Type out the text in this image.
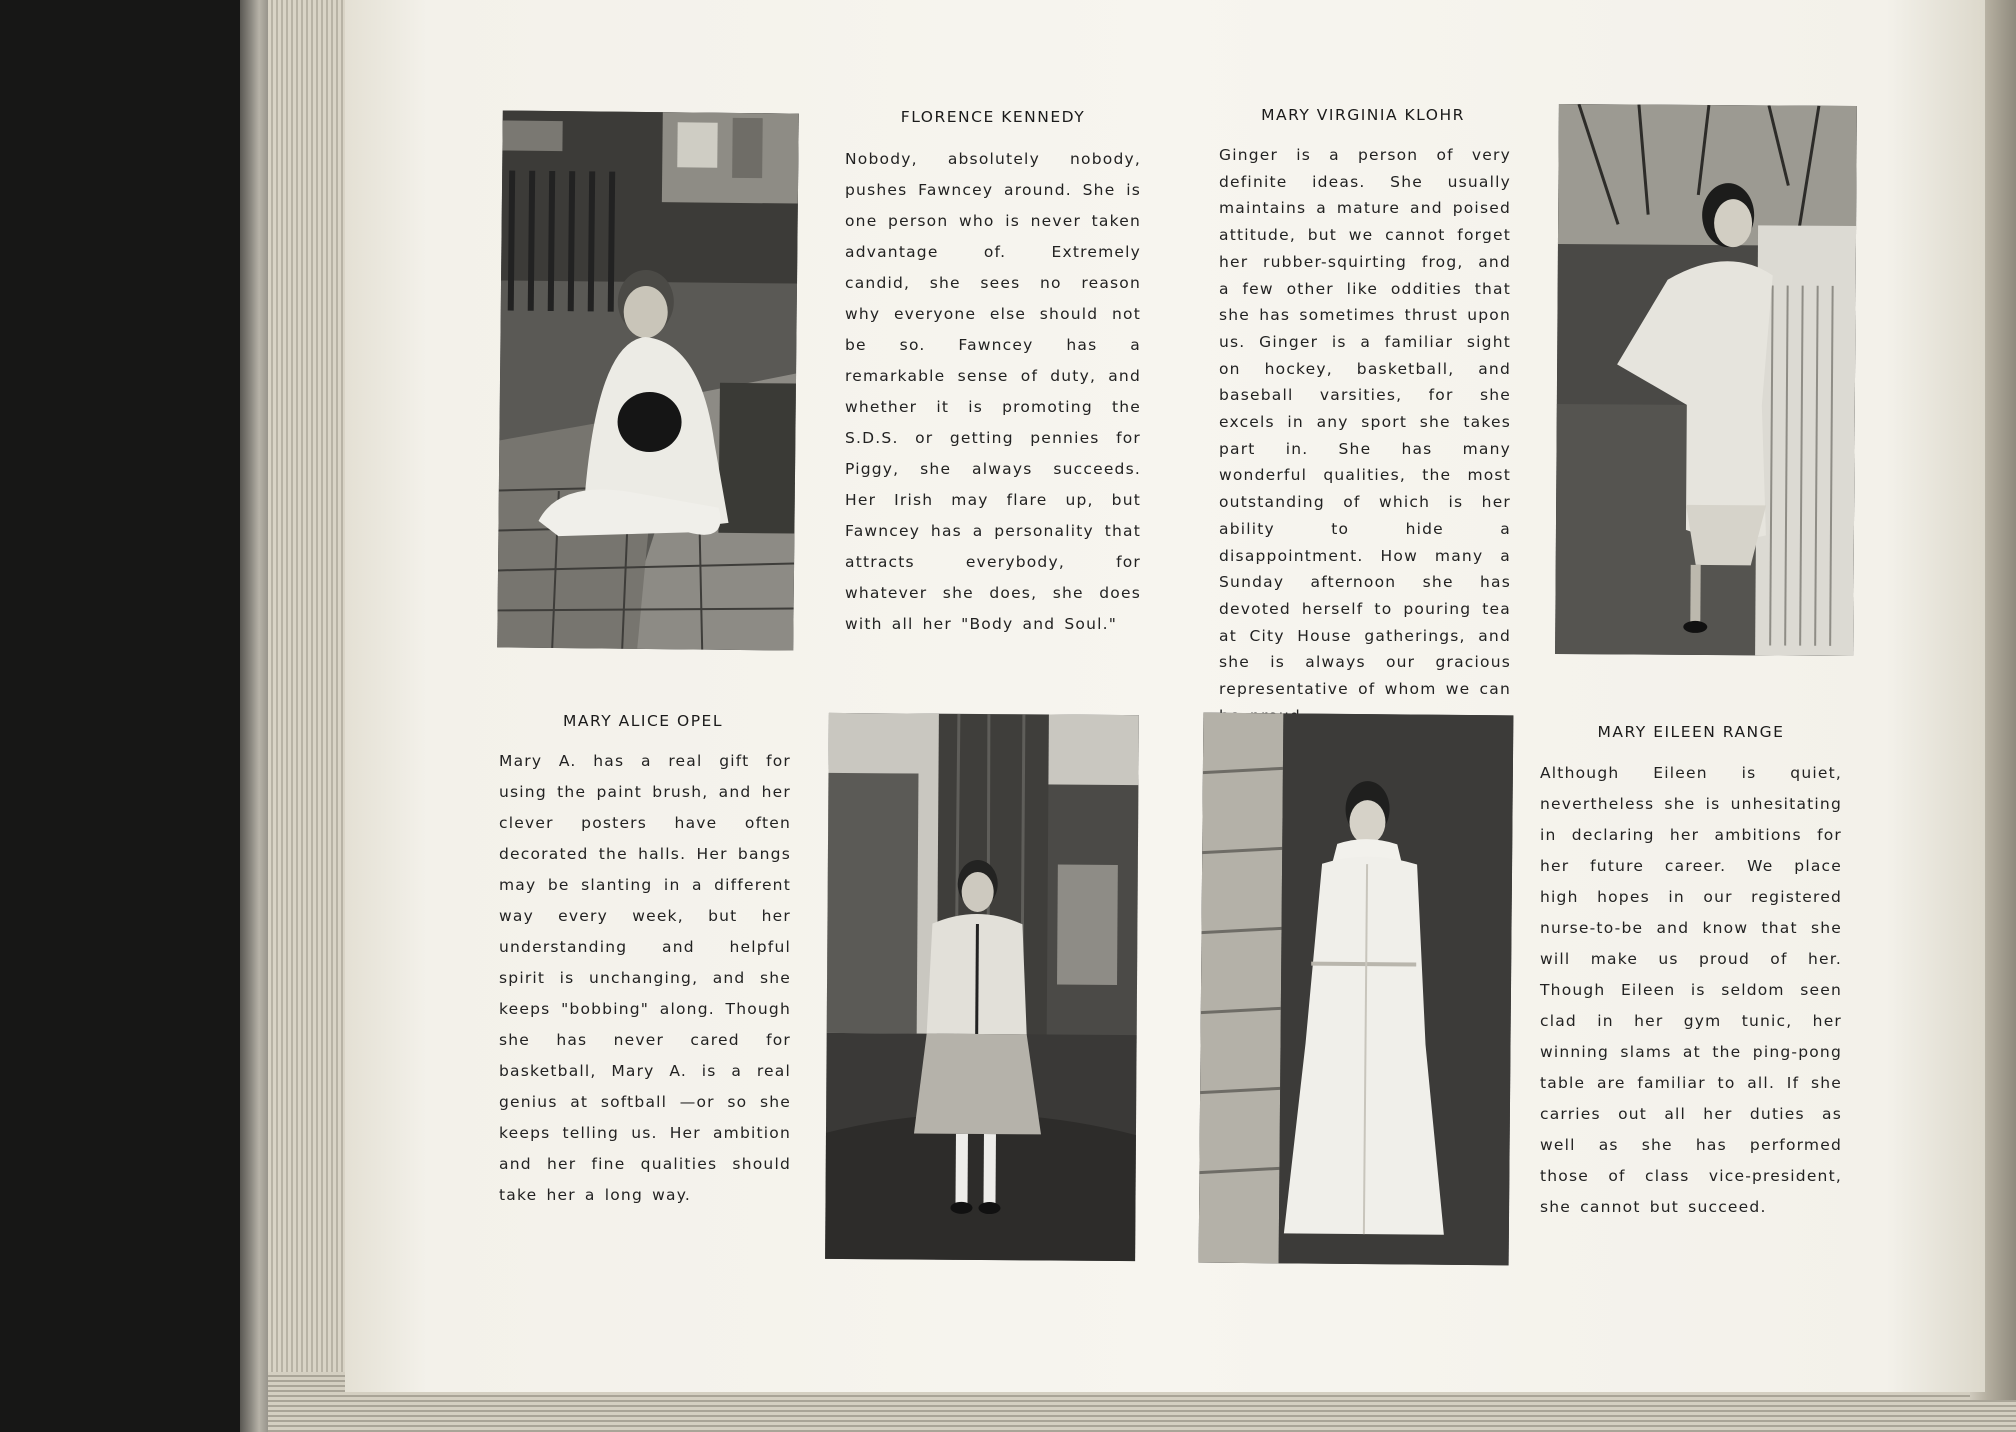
FLORENCE KENNEDY
Nobody, absolutely nobody, pushes Fawncey around. She is one person who is never taken advantage of. Extremely candid, she sees no reason why everyone else should not be so. Fawncey has a remarkable sense of duty, and whether it is promoting the S.D.S. or getting pennies for Piggy, she always succeeds. Her Irish may flare up, but Fawncey has a personality that attracts everybody, for whatever she does, she does with all her "Body and Soul."
MARY VIRGINIA KLOHR
Ginger is a person of very definite ideas. She usually maintains a mature and poised attitude, but we cannot forget her rubber-squirting frog, and a few other like oddities that she has sometimes thrust upon us. Ginger is a familiar sight on hockey, basketball, and baseball varsities, for she excels in any sport she takes part in. She has many wonderful qualities, the most outstanding of which is her ability to hide a disappointment. How many a Sunday afternoon she has devoted herself to pouring tea at City House gatherings, and she is always our gracious representative of whom we can
MARY ALICE OPEL
Mary A. has a real gift for using the paint brush, and her clever posters have often decorated the halls. Her bangs may be slanting in a different way every week, but her understanding and helpful spirit is unchanging, and she keeps "bobbing" along. Though she has never cared for basketball, Mary A. is a real genius at softball —or so she keeps telling us. Her ambition and her fine qualities should take her a long way.
MARY EILEEN RANGE
Although Eileen is quiet, nevertheless she is unhesitating in declaring her ambitions for her future career. We place high hopes in our registered nurse-to-be and know that she will make us proud of her. Though Eileen is seldom seen clad in her gym tunic, her winning slams at the ping-pong table are familiar to all. If she carries out all her duties as well as she has performed those of class vice-president, she cannot but succeed.
